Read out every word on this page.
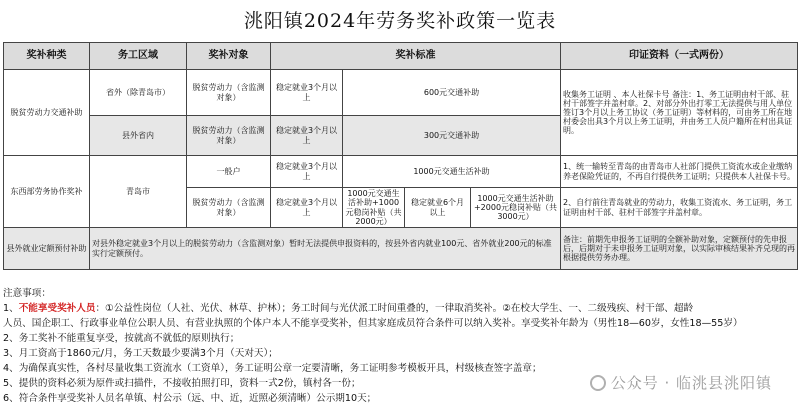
洮阳镇2024年劳务奖补政策一览表
奖补种类	务工区域	奖补对象	奖补标准				印证资料（一式两份）
脱贫劳动力交通补助	省外（除青岛市）	脱贫劳动力（含监测对象）	稳定就业3个月以上	600元交通补助			收集务工证明 、本人社保卡号 备注：1、务工证明由村干部、驻村干部签字并盖村章。2、对部分外出打零工无法提供与用人单位签订3个月以上务工协议（务工证明）等材料的，可由务工所在地村委会出具3个月以上务工证明，并由务工人员户籍所在村出具证明。
	县外省内	脱贫劳动力（含监测对象）	稳定就业3个月以上	300元交通补助			
东西部劳务协作奖补	青岛市	一般户	稳定就业3个月以上	1000元交通生活补助			1、统一输转至青岛的由青岛市人社部门提供工资流水或企业缴纳养老保险凭证的，不再自行提供务工证明；只提供本人社保卡号。
		脱贫劳动力（含监测对象）	稳定就业3个月以上	1000元交通生活补助+1000元稳岗补贴（共2000元）	稳定就业6个月以上	1000元交通生活补助+2000元稳岗补贴（共3000元）	2、自行前往青岛就业的劳动力，收集工资流水、务工证明，务工证明由村干部、驻村干部签字并盖村章。
县外就业定额预付补助	对县外稳定就业3个月以上的脱贫劳动力（含监测对象）暂时无法提供申报资料的，按县外省内就业100元、省外就业200元的标准实行定额预付。						备注：前期先申报务工证明的全额补助对象，定额预付的先申报后，后期对于未申报务工证明对象，以实际审核结果补齐兑现的再根据提供劳务办理。
注意事项：
1、不能享受奖补人员：①公益性岗位（人社、光伏、林草、护林）；务工时间与光伏派工时间重叠的，一律取消奖补。②在校大学生、一、二级残疾、村干部、超龄
人员、国企职工、行政事业单位公职人员、有营业执照的个体户本人不能享受奖补，但其家庭成员符合条件可以纳入奖补。享受奖补年龄为（男性18—60岁，女性18—55岁）
2、务工奖补不能重复享受，按就高不就低的原则执行；
3、月工资高于1860元/月，务工天数最少要满3个月（天对天）；
4、为确保真实性，各村尽量收集工资流水（工资单），务工证明公章一定要清晰，务工证明参考模板开具，村级核查签字盖章；
5、提供的资料必须为原件或扫描件，不接收拍照打印，资料一式2份，镇村各一份；
6、符合条件享受奖补人员名单镇、村公示（远、中、近，近照必须清晰）公示期10天；
公众号 · 临洮县洮阳镇
